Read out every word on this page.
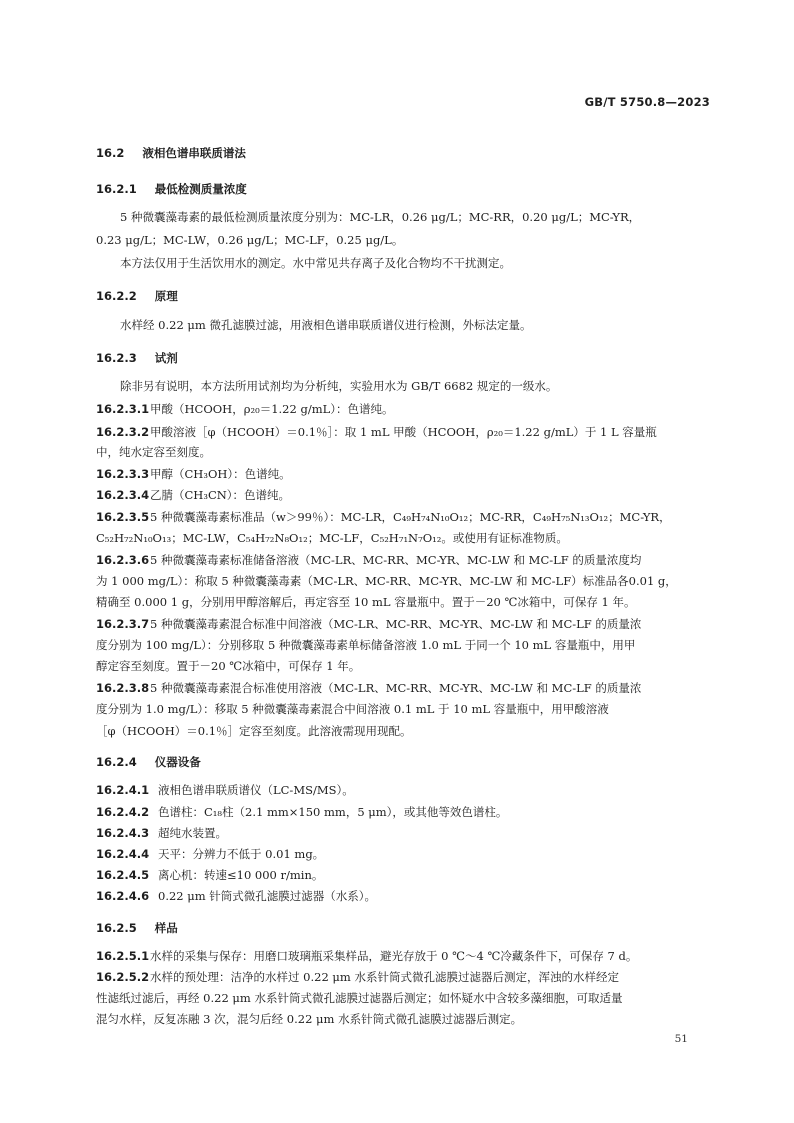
GB/T 5750.8—2023
16.2 液相色谱串联质谱法
16.2.1 最低检测质量浓度
5 种微囊藻毒素的最低检测质量浓度分别为：MC-LR，0.26 μg/L；MC-RR，0.20 μg/L；MC-YR，
0.23 μg/L；MC-LW，0.26 μg/L；MC-LF，0.25 μg/L。
本方法仅用于生活饮用水的测定。水中常见共存离子及化合物均不干扰测定。
16.2.2 原理
水样经 0.22 μm 微孔滤膜过滤，用液相色谱串联质谱仪进行检测，外标法定量。
16.2.3 试剂
除非另有说明，本方法所用试剂均为分析纯，实验用水为 GB/T 6682 规定的一级水。
16.2.3.1甲酸（HCOOH，ρ₂₀＝1.22 g/mL）：色谱纯。
16.2.3.2甲酸溶液［φ（HCOOH）＝0.1％］：取 1 mL 甲酸（HCOOH，ρ₂₀＝1.22 g/mL）于 1 L 容量瓶
中，纯水定容至刻度。
16.2.3.3甲醇（CH₃OH）：色谱纯。
16.2.3.4乙腈（CH₃CN）：色谱纯。
16.2.3.55 种微囊藻毒素标准品（w＞99％）：MC-LR，C₄₉H₇₄N₁₀O₁₂；MC-RR，C₄₉H₇₅N₁₃O₁₂；MC-YR，
C₅₂H₇₂N₁₀O₁₃；MC-LW，C₅₄H₇₂N₈O₁₂；MC-LF，C₅₂H₇₁N₇O₁₂。或使用有证标准物质。
16.2.3.65 种微囊藻毒素标准储备溶液（MC-LR、MC-RR、MC-YR、MC-LW 和 MC-LF 的质量浓度均
为 1 000 mg/L）：称取 5 种微囊藻毒素（MC-LR、MC-RR、MC-YR、MC-LW 和 MC-LF）标准品各0.01 g，
精确至 0.000 1 g，分别用甲醇溶解后，再定容至 10 mL 容量瓶中。置于－20 ℃冰箱中，可保存 1 年。
16.2.3.75 种微囊藻毒素混合标准中间溶液（MC-LR、MC-RR、MC-YR、MC-LW 和 MC-LF 的质量浓
度分别为 100 mg/L）：分别移取 5 种微囊藻毒素单标储备溶液 1.0 mL 于同一个 10 mL 容量瓶中，用甲
醇定容至刻度。置于－20 ℃冰箱中，可保存 1 年。
16.2.3.85 种微囊藻毒素混合标准使用溶液（MC-LR、MC-RR、MC-YR、MC-LW 和 MC-LF 的质量浓
度分别为 1.0 mg/L）：移取 5 种微囊藻毒素混合中间溶液 0.1 mL 于 10 mL 容量瓶中，用甲酸溶液
［φ（HCOOH）＝0.1％］定容至刻度。此溶液需现用现配。
16.2.4 仪器设备
16.2.4.1 液相色谱串联质谱仪（LC-MS/MS）。
16.2.4.2 色谱柱：C₁₈柱（2.1 mm×150 mm，5 μm），或其他等效色谱柱。
16.2.4.3 超纯水装置。
16.2.4.4 天平：分辨力不低于 0.01 mg。
16.2.4.5 离心机：转速≤10 000 r/min。
16.2.4.6 0.22 μm 针筒式微孔滤膜过滤器（水系）。
16.2.5 样品
16.2.5.1水样的采集与保存：用磨口玻璃瓶采集样品，避光存放于 0 ℃～4 ℃冷藏条件下，可保存 7 d。
16.2.5.2水样的预处理：洁净的水样过 0.22 μm 水系针筒式微孔滤膜过滤器后测定，浑浊的水样经定
性滤纸过滤后，再经 0.22 μm 水系针筒式微孔滤膜过滤器后测定；如怀疑水中含较多藻细胞，可取适量
混匀水样，反复冻融 3 次，混匀后经 0.22 μm 水系针筒式微孔滤膜过滤器后测定。
51
